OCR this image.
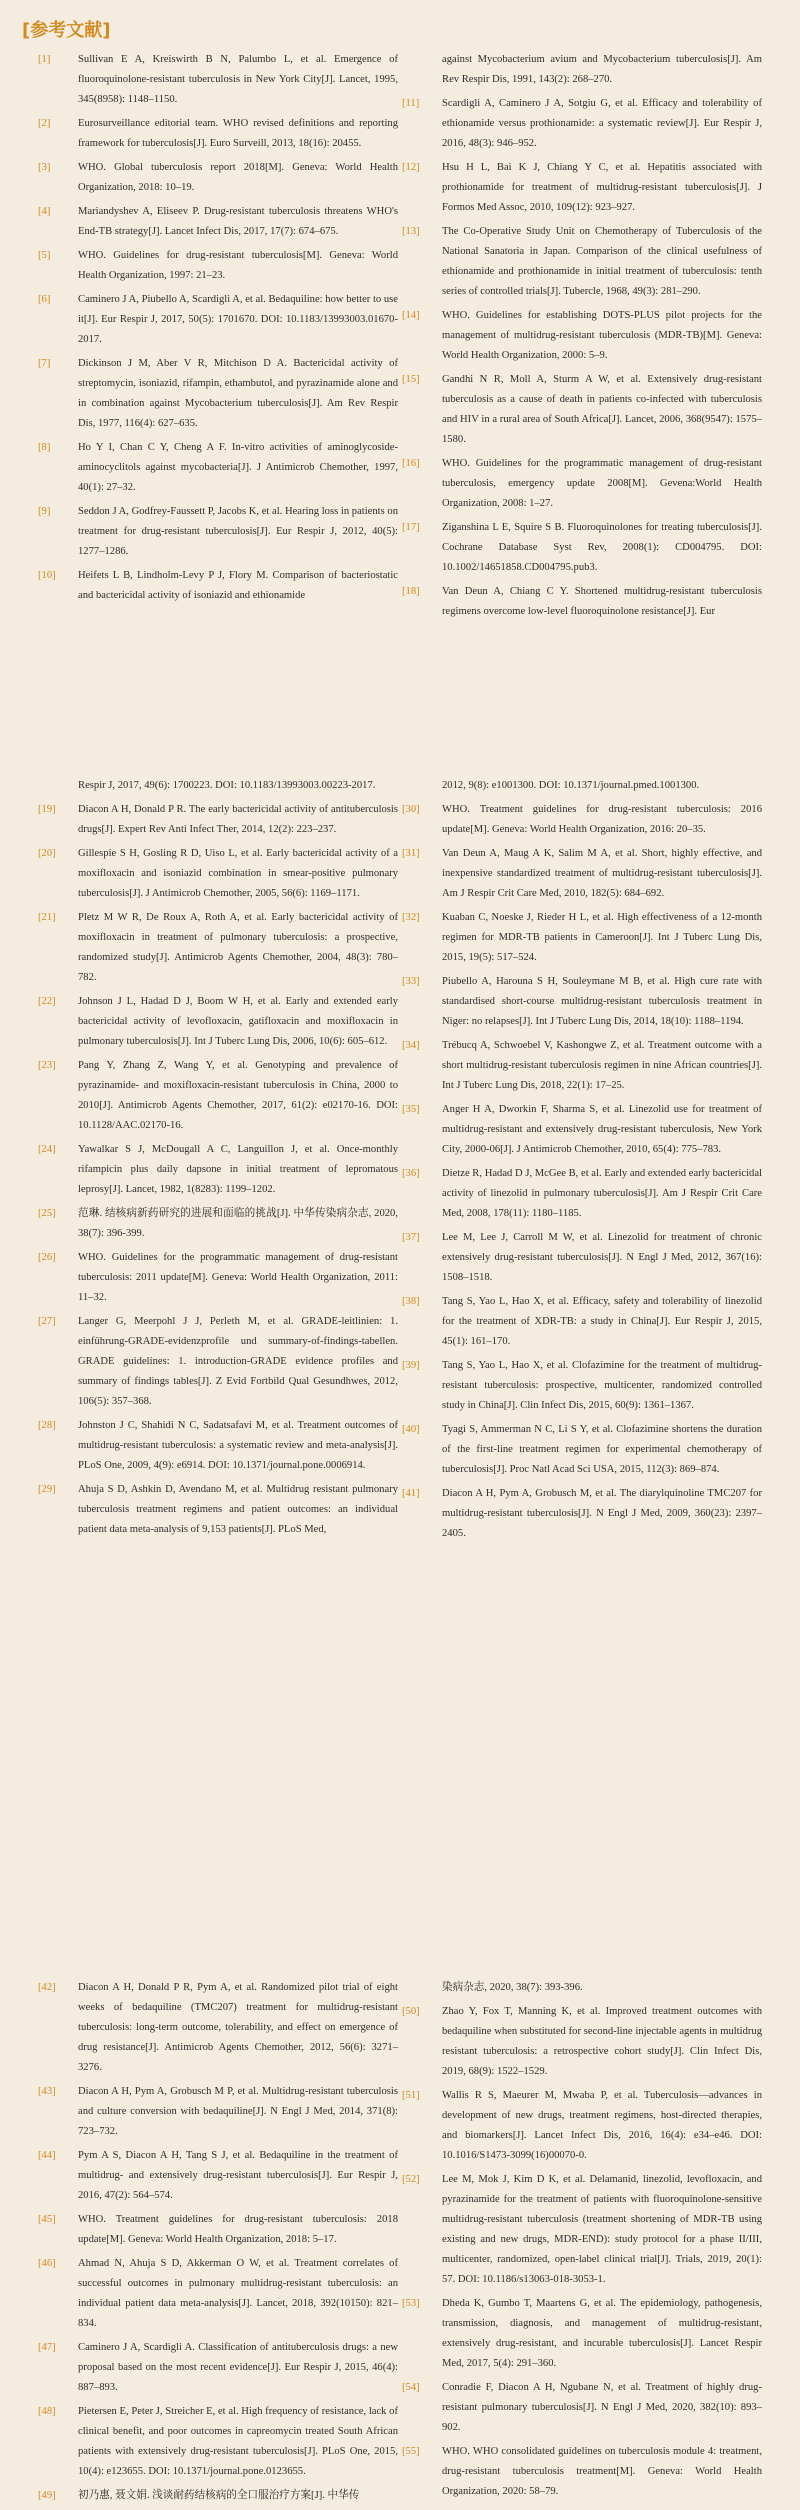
[参考文献]
[1]	Sullivan E A, Kreiswirth B N, Palumbo L, et al. Emergence of fluoroquinolone-resistant tuberculosis in New York City[J]. Lancet, 1995, 345(8958): 1148–1150.
[2]	Eurosurveillance editorial team. WHO revised definitions and reporting framework for tuberculosis[J]. Euro Surveill, 2013, 18(16): 20455.
[3]	WHO. Global tuberculosis report 2018[M]. Geneva: World Health Organization, 2018: 10–19.
[4]	Mariandyshev A, Eliseev P. Drug-resistant tuberculosis threatens WHO's End-TB strategy[J]. Lancet Infect Dis, 2017, 17(7): 674–675.
[5]	WHO. Guidelines for drug-resistant tuberculosis[M]. Geneva: World Health Organization, 1997: 21–23.
[6]	Caminero J A, Piubello A, Scardigli A, et al. Bedaquiline: how better to use it[J]. Eur Respir J, 2017, 50(5): 1701670. DOI: 10.1183/13993003.01670-2017.
[7]	Dickinson J M, Aber V R, Mitchison D A. Bactericidal activity of streptomycin, isoniazid, rifampin, ethambutol, and pyrazinamide alone and in combination against Mycobacterium tuberculosis[J]. Am Rev Respir Dis, 1977, 116(4): 627–635.
[8]	Ho Y I, Chan C Y, Cheng A F. In-vitro activities of aminoglycoside-aminocyclitols against mycobacteria[J]. J Antimicrob Chemother, 1997, 40(1): 27–32.
[9]	Seddon J A, Godfrey-Faussett P, Jacobs K, et al. Hearing loss in patients on treatment for drug-resistant tuberculosis[J]. Eur Respir J, 2012, 40(5): 1277–1286.
[10] Heifets L B, Lindholm-Levy P J, Flory M. Comparison of bacteriostatic and bactericidal activity of isoniazid and ethionamide
against Mycobacterium avium and Mycobacterium tuberculosis[J]. Am Rev Respir Dis, 1991, 143(2): 268–270.
[11] Scardigli A, Caminero J A, Sotgiu G, et al. Efficacy and tolerability of ethionamide versus prothionamide: a systematic review[J]. Eur Respir J, 2016, 48(3): 946–952.
[12] Hsu H L, Bai K J, Chiang Y C, et al. Hepatitis associated with prothionamide for treatment of multidrug-resistant tuberculosis[J]. J Formos Med Assoc, 2010, 109(12): 923–927.
[13] The Co-Operative Study Unit on Chemotherapy of Tuberculosis of the National Sanatoria in Japan. Comparison of the clinical usefulness of ethionamide and prothionamide in initial treatment of tuberculosis: tenth series of controlled trials[J]. Tubercle, 1968, 49(3): 281–290.
[14] WHO. Guidelines for establishing DOTS-PLUS pilot projects for the management of multidrug-resistant tuberculosis (MDR-TB)[M]. Geneva: World Health Organization, 2000: 5–9.
[15] Gandhi N R, Moll A, Sturm A W, et al. Extensively drug-resistant tuberculosis as a cause of death in patients co-infected with tuberculosis and HIV in a rural area of South Africa[J]. Lancet, 2006, 368(9547): 1575–1580.
[16] WHO. Guidelines for the programmatic management of drug-resistant tuberculosis, emergency update 2008[M]. Gevena:World Health Organization, 2008: 1–27.
[17] Ziganshina L E, Squire S B. Fluoroquinolones for treating tuberculosis[J]. Cochrane Database Syst Rev, 2008(1): CD004795. DOI: 10.1002/14651858.CD004795.pub3.
[18] Van Deun A, Chiang C Y. Shortened multidrug-resistant tuberculosis regimens overcome low-level fluoroquinolone resistance[J]. Eur
Respir J, 2017, 49(6): 1700223. DOI: 10.1183/13993003.00223-2017.
[19] Diacon A H, Donald P R. The early bactericidal activity of antituberculosis drugs[J]. Expert Rev Anti Infect Ther, 2014, 12(2): 223–237.
[20] Gillespie S H, Gosling R D, Uiso L, et al. Early bactericidal activity of a moxifloxacin and isoniazid combination in smear-positive pulmonary tuberculosis[J]. J Antimicrob Chemother, 2005, 56(6): 1169–1171.
[21] Pletz M W R, De Roux A, Roth A, et al. Early bactericidal activity of moxifloxacin in treatment of pulmonary tuberculosis: a prospective, randomized study[J]. Antimicrob Agents Chemother, 2004, 48(3): 780–782.
[22] Johnson J L, Hadad D J, Boom W H, et al. Early and extended early bactericidal activity of levofloxacin, gatifloxacin and moxifloxacin in pulmonary tuberculosis[J]. Int J Tuberc Lung Dis, 2006, 10(6): 605–612.
[23] Pang Y, Zhang Z, Wang Y, et al. Genotyping and prevalence of pyrazinamide- and moxifloxacin-resistant tuberculosis in China, 2000 to 2010[J]. Antimicrob Agents Chemother, 2017, 61(2): e02170-16. DOI: 10.1128/AAC.02170-16.
[24] Yawalkar S J, McDougall A C, Languillon J, et al. Once-monthly rifampicin plus daily dapsone in initial treatment of lepromatous leprosy[J]. Lancet, 1982, 1(8283): 1199–1202.
[25] 范琳. 结核病新药研究的进展和面临的挑战[J]. 中华传染病杂志, 2020, 38(7): 396-399.
[26] WHO. Guidelines for the programmatic management of drug-resistant tuberculosis: 2011 update[M]. Geneva: World Health Organization, 2011: 11–32.
[27] Langer G, Meerpohl J J, Perleth M, et al. GRADE-leitlinien: 1. einführung-GRADE-evidenzprofile und summary-of-findings-tabellen. GRADE guidelines: 1. introduction-GRADE evidence profiles and summary of findings tables[J]. Z Evid Fortbild Qual Gesundhwes, 2012, 106(5): 357–368.
[28] Johnston J C, Shahidi N C, Sadatsafavi M, et al. Treatment outcomes of multidrug-resistant tuberculosis: a systematic review and meta-analysis[J]. PLoS One, 2009, 4(9): e6914. DOI: 10.1371/journal.pone.0006914.
[29] Ahuja S D, Ashkin D, Avendano M, et al. Multidrug resistant pulmonary tuberculosis treatment regimens and patient outcomes: an individual patient data meta-analysis of 9,153 patients[J]. PLoS Med,
2012, 9(8): e1001300. DOI: 10.1371/journal.pmed.1001300.
[30] WHO. Treatment guidelines for drug-resistant tuberculosis: 2016 update[M]. Geneva: World Health Organization, 2016: 20–35.
[31] Van Deun A, Maug A K, Salim M A, et al. Short, highly effective, and inexpensive standardized treatment of multidrug-resistant tuberculosis[J]. Am J Respir Crit Care Med, 2010, 182(5): 684–692.
[32] Kuaban C, Noeske J, Rieder H L, et al. High effectiveness of a 12-month regimen for MDR-TB patients in Cameroon[J]. Int J Tuberc Lung Dis, 2015, 19(5): 517–524.
[33] Piubello A, Harouna S H, Souleymane M B, et al. High cure rate with standardised short-course multidrug-resistant tuberculosis treatment in Niger: no relapses[J]. Int J Tuberc Lung Dis, 2014, 18(10): 1188–1194.
[34] Trébucq A, Schwoebel V, Kashongwe Z, et al. Treatment outcome with a short multidrug-resistant tuberculosis regimen in nine African countries[J]. Int J Tuberc Lung Dis, 2018, 22(1): 17–25.
[35] Anger H A, Dworkin F, Sharma S, et al. Linezolid use for treatment of multidrug-resistant and extensively drug-resistant tuberculosis, New York City, 2000-06[J]. J Antimicrob Chemother, 2010, 65(4): 775–783.
[36] Dietze R, Hadad D J, McGee B, et al. Early and extended early bactericidal activity of linezolid in pulmonary tuberculosis[J]. Am J Respir Crit Care Med, 2008, 178(11): 1180–1185.
[37] Lee M, Lee J, Carroll M W, et al. Linezolid for treatment of chronic extensively drug-resistant tuberculosis[J]. N Engl J Med, 2012, 367(16): 1508–1518.
[38] Tang S, Yao L, Hao X, et al. Efficacy, safety and tolerability of linezolid for the treatment of XDR-TB: a study in China[J]. Eur Respir J, 2015, 45(1): 161–170.
[39] Tang S, Yao L, Hao X, et al. Clofazimine for the treatment of multidrug-resistant tuberculosis: prospective, multicenter, randomized controlled study in China[J]. Clin Infect Dis, 2015, 60(9): 1361–1367.
[40] Tyagi S, Ammerman N C, Li S Y, et al. Clofazimine shortens the duration of the first-line treatment regimen for experimental chemotherapy of tuberculosis[J]. Proc Natl Acad Sci USA, 2015, 112(3): 869–874.
[41] Diacon A H, Pym A, Grobusch M, et al. The diarylquinoline TMC207 for multidrug-resistant tuberculosis[J]. N Engl J Med, 2009, 360(23): 2397–2405.
[42] Diacon A H, Donald P R, Pym A, et al. Randomized pilot trial of eight weeks of bedaquiline (TMC207) treatment for multidrug-resistant tuberculosis: long-term outcome, tolerability, and effect on emergence of drug resistance[J]. Antimicrob Agents Chemother, 2012, 56(6): 3271–3276.
[43] Diacon A H, Pym A, Grobusch M P, et al. Multidrug-resistant tuberculosis and culture conversion with bedaquiline[J]. N Engl J Med, 2014, 371(8): 723–732.
[44] Pym A S, Diacon A H, Tang S J, et al. Bedaquiline in the treatment of multidrug- and extensively drug-resistant tuberculosis[J]. Eur Respir J, 2016, 47(2): 564–574.
[45] WHO. Treatment guidelines for drug-resistant tuberculosis: 2018 update[M]. Geneva: World Health Organization, 2018: 5–17.
[46] Ahmad N, Ahuja S D, Akkerman O W, et al. Treatment correlates of successful outcomes in pulmonary multidrug-resistant tuberculosis: an individual patient data meta-analysis[J]. Lancet, 2018, 392(10150): 821–834.
[47] Caminero J A, Scardigli A. Classification of antituberculosis drugs: a new proposal based on the most recent evidence[J]. Eur Respir J, 2015, 46(4): 887–893.
[48] Pietersen E, Peter J, Streicher E, et al. High frequency of resistance, lack of clinical benefit, and poor outcomes in capreomycin treated South African patients with extensively drug-resistant tuberculosis[J]. PLoS One, 2015, 10(4): e123655. DOI: 10.1371/journal.pone.0123655.
[49] 初乃惠, 聂文娟. 浅谈耐药结核病的全口服治疗方案[J]. 中华传
染病杂志, 2020, 38(7): 393-396.
[50] Zhao Y, Fox T, Manning K, et al. Improved treatment outcomes with bedaquiline when substituted for second-line injectable agents in multidrug resistant tuberculosis: a retrospective cohort study[J]. Clin Infect Dis, 2019, 68(9): 1522–1529.
[51] Wallis R S, Maeurer M, Mwaba P, et al. Tuberculosis—advances in development of new drugs, treatment regimens, host-directed therapies, and biomarkers[J]. Lancet Infect Dis, 2016, 16(4): e34–e46. DOI: 10.1016/S1473-3099(16)00070-0.
[52] Lee M, Mok J, Kim D K, et al. Delamanid, linezolid, levofloxacin, and pyrazinamide for the treatment of patients with fluoroquinolone-sensitive multidrug-resistant tuberculosis (treatment shortening of MDR-TB using existing and new drugs, MDR-END): study protocol for a phase II/III, multicenter, randomized, open-label clinical trial[J]. Trials, 2019, 20(1): 57. DOI: 10.1186/s13063-018-3053-1.
[53] Dheda K, Gumbo T, Maartens G, et al. The epidemiology, pathogenesis, transmission, diagnosis, and management of multidrug-resistant, extensively drug-resistant, and incurable tuberculosis[J]. Lancet Respir Med, 2017, 5(4): 291–360.
[54] Conradie F, Diacon A H, Ngubane N, et al. Treatment of highly drug-resistant pulmonary tuberculosis[J]. N Engl J Med, 2020, 382(10): 893–902.
[55] WHO. WHO consolidated guidelines on tuberculosis module 4: treatment, drug-resistant tuberculosis treatment[M]. Geneva: World Health Organization, 2020: 58–79.
